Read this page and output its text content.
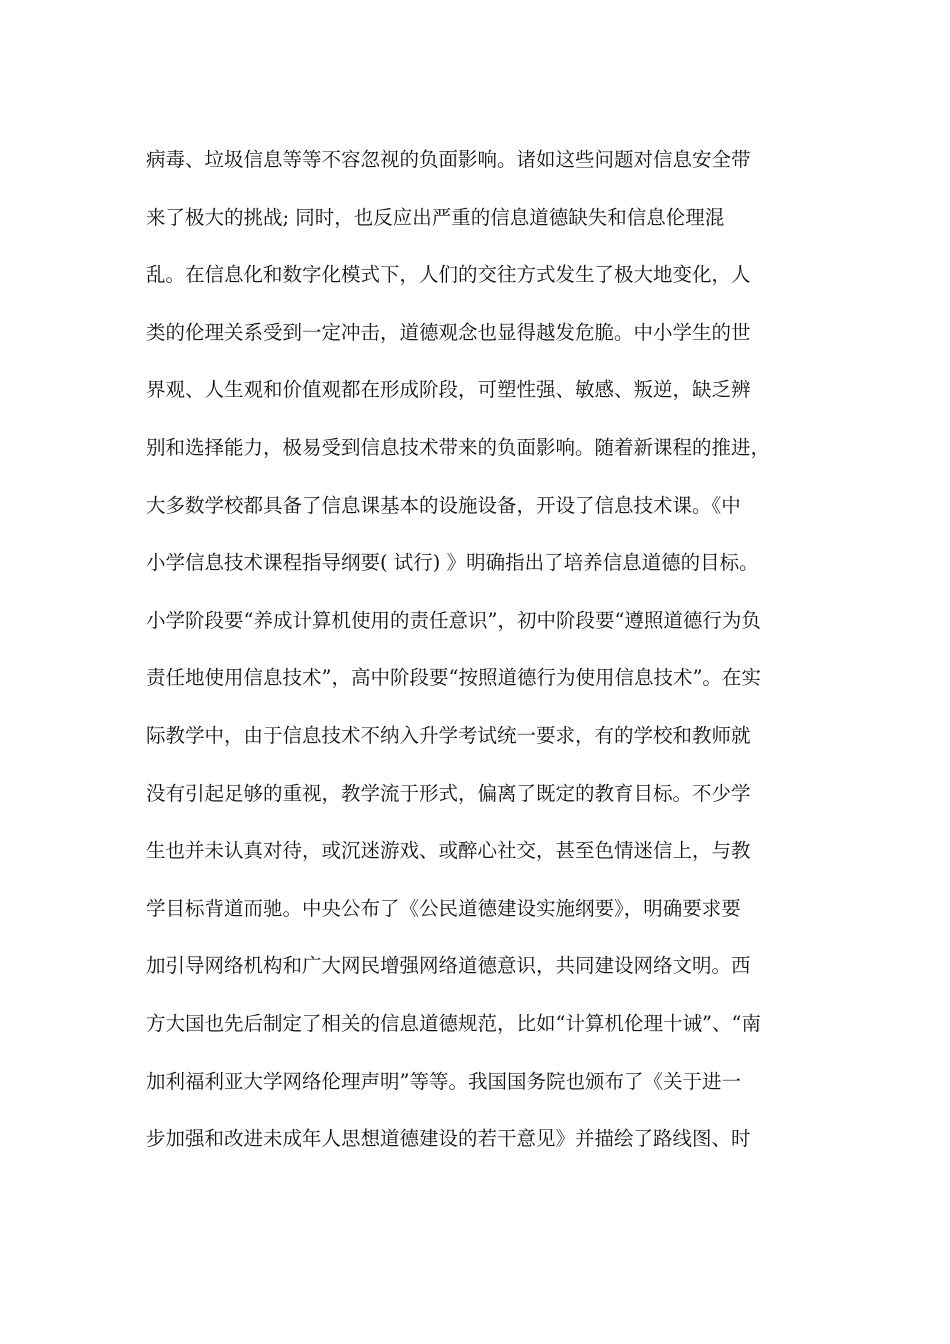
病毒、垃圾信息等等不容忽视的负面影响。诸如这些问题对信息安全带
来了极大的挑战; 同时，也反应出严重的信息道德缺失和信息伦理混
乱。在信息化和数字化模式下，人们的交往方式发生了极大地变化，人
类的伦理关系受到一定冲击，道德观念也显得越发危脆。中小学生的世
界观、人生观和价值观都在形成阶段，可塑性强、敏感、叛逆，缺乏辨
别和选择能力，极易受到信息技术带来的负面影响。随着新课程的推进，
大多数学校都具备了信息课基本的设施设备，开设了信息技术课。《中
小学信息技术课程指导纲要( 试行) 》明确指出了培养信息道德的目标。
小学阶段要“养成计算机使用的责任意识”，初中阶段要“遵照道德行为负
责任地使用信息技术”，高中阶段要“按照道德行为使用信息技术”。在实
际教学中，由于信息技术不纳入升学考试统一要求，有的学校和教师就
没有引起足够的重视，教学流于形式，偏离了既定的教育目标。不少学
生也并未认真对待，或沉迷游戏、或醉心社交，甚至色情迷信上，与教
学目标背道而驰。中央公布了《公民道德建设实施纲要》，明确要求要
加引导网络机构和广大网民增强网络道德意识，共同建设网络文明。西
方大国也先后制定了相关的信息道德规范，比如“计算机伦理十诫”、“南
加利福利亚大学网络伦理声明”等等。我国国务院也颁布了《关于进一
步加强和改进未成年人思想道德建设的若干意见》并描绘了路线图、时
